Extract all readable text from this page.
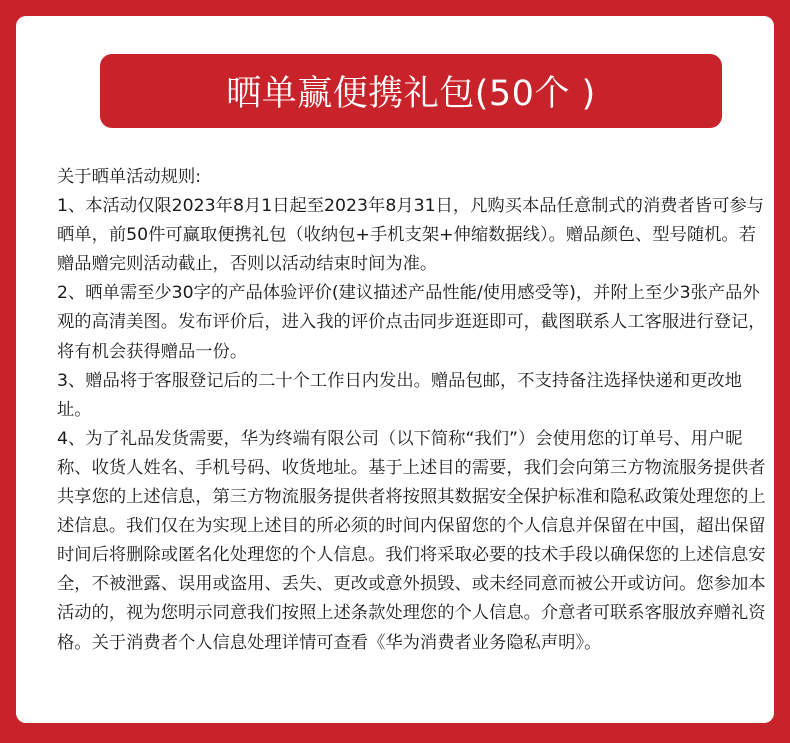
晒单赢便携礼包(50个 )

关于晒单活动规则:

1、本活动仅限2023年8月1日起至2023年8月31日，凡购买本品任意制式的消费者皆可参与晒单，前50件可赢取便携礼包（收纳包+手机支架+伸缩数据线）。赠品颜色、型号随机。若赠品赠完则活动截止，否则以活动结束时间为准。

2、晒单需至少30字的产品体验评价(建议描述产品性能/使用感受等)，并附上至少3张产品外观的高清美图。发布评价后，进入我的评价点击同步逛逛即可，截图联系人工客服进行登记，将有机会获得赠品一份。

3、赠品将于客服登记后的二十个工作日内发出。赠品包邮，不支持备注选择快递和更改地址。

4、为了礼品发货需要，华为终端有限公司（以下简称“我们”）会使用您的订单号、用户昵称、收货人姓名、手机号码、收货地址。基于上述目的需要，我们会向第三方物流服务提供者共享您的上述信息，第三方物流服务提供者将按照其数据安全保护标准和隐私政策处理您的上述信息。我们仅在为实现上述目的所必须的时间内保留您的个人信息并保留在中国，超出保留时间后将删除或匿名化处理您的个人信息。我们将采取必要的技术手段以确保您的上述信息安全，不被泄露、误用或盗用、丢失、更改或意外损毁、或未经同意而被公开或访问。您参加本活动的，视为您明示同意我们按照上述条款处理您的个人信息。介意者可联系客服放弃赠礼资格。关于消费者个人信息处理详情可查看《华为消费者业务隐私声明》。
